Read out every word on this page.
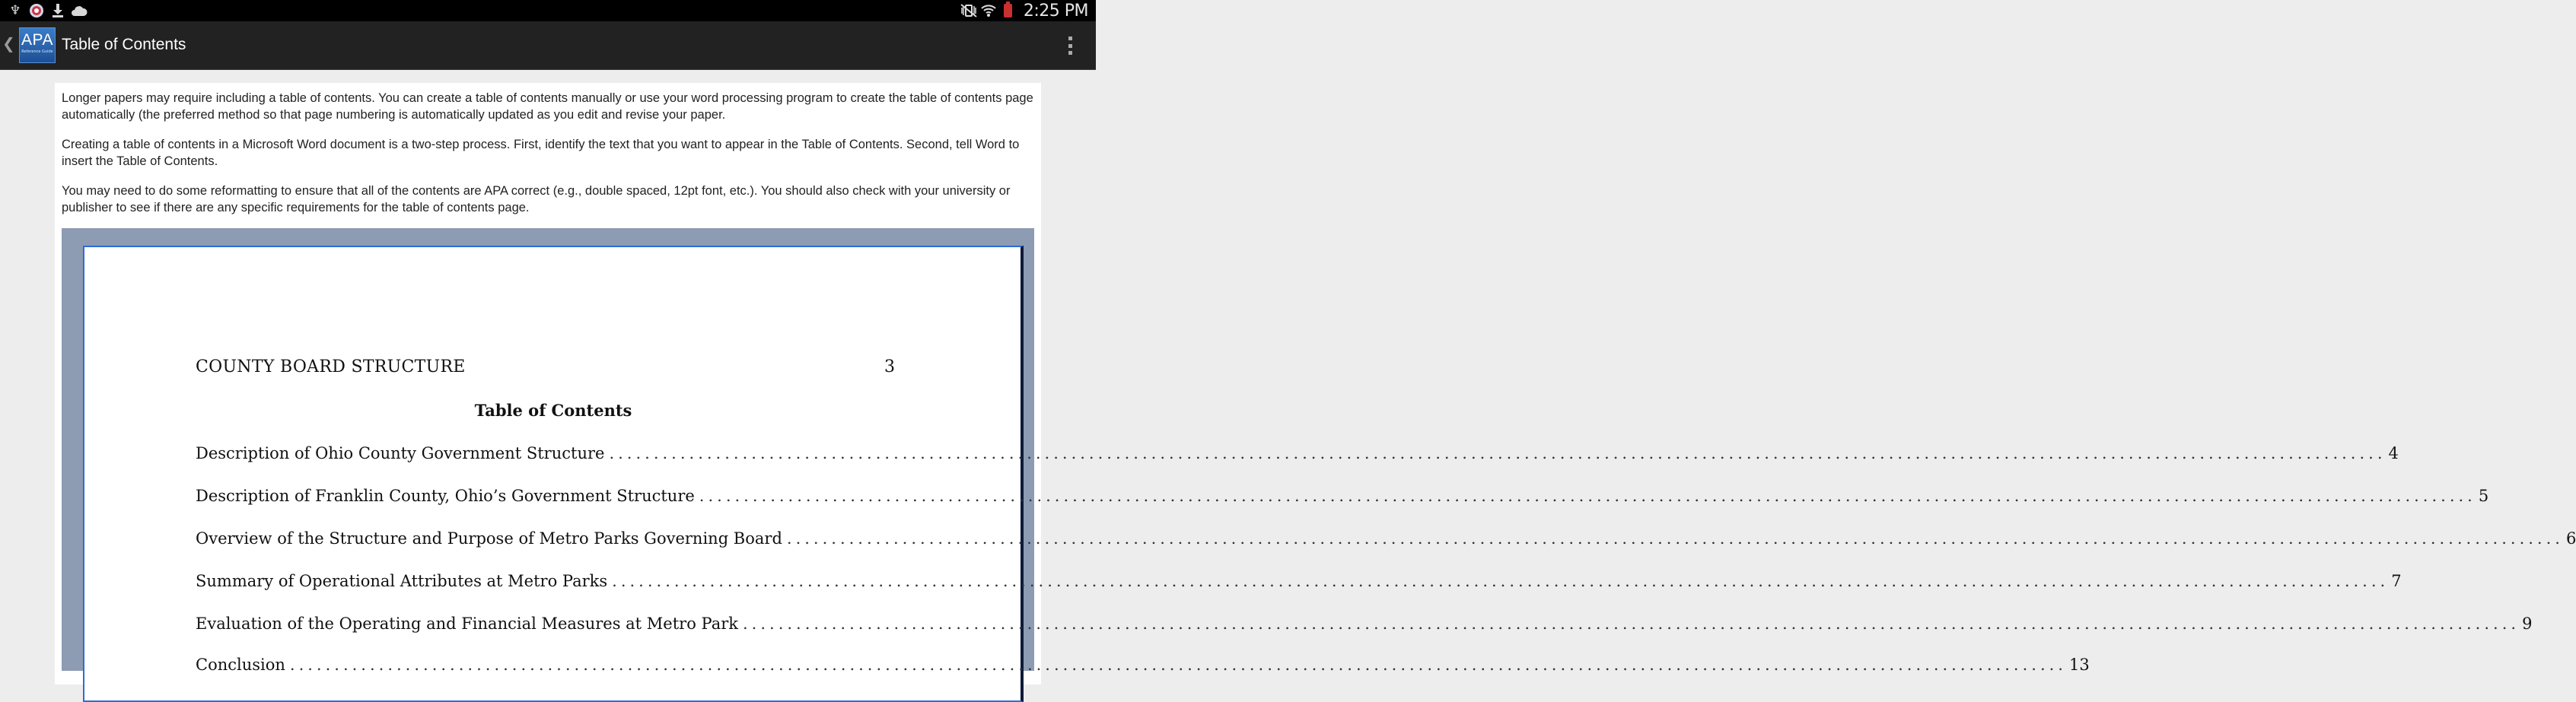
♆	2:25 PM
❮ APA
Reference Guide Table of Contents

Longer papers may require including a table of contents. You can create a table of contents manually or use your word processing program to create the table of contents page automatically (the preferred method so that page numbering is automatically updated as you edit and revise your paper.

Creating a table of contents in a Microsoft Word document is a two-step process. First, identify the text that you want to appear in the Table of Contents. Second, tell Word to insert the Table of Contents.

You may need to do some reformatting to ensure that all of the contents are APA correct (e.g., double spaced, 12pt font, etc.). You should also check with your university or publisher to see if there are any specific requirements for the table of contents page.

COUNTY BOARD STRUCTURE	3
Table of Contents
Description of Ohio County Government Structure ........................................................................................................................................................................................................ 4
Description of Franklin County, Ohio’s Government Structure ........................................................................................................................................................................................................ 5
Overview of the Structure and Purpose of Metro Parks Governing Board ........................................................................................................................................................................................................ 6
Summary of Operational Attributes at Metro Parks ........................................................................................................................................................................................................ 7
Evaluation of the Operating and Financial Measures at Metro Park ........................................................................................................................................................................................................ 9
Conclusion ........................................................................................................................................................................................................ 13
